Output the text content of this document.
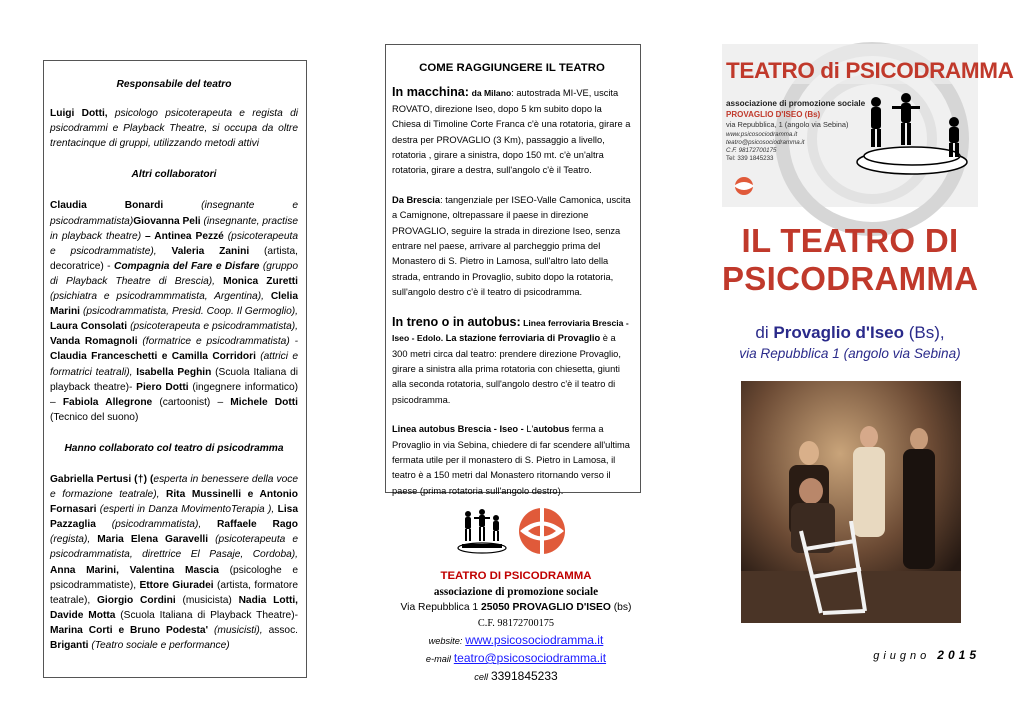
Responsabile del teatro

Luigi Dotti, psicologo psicoterapeuta e regista di psicodrammi e Playback Theatre, si occupa da oltre trentacinque di gruppi, utilizzando metodi attivi

Altri collaboratori

Claudia Bonardi (insegnante e psicodrammatista)Giovanna Peli (insegnante, practise in playback theatre) – Antinea Pezzé (psicoterapeuta e psicodrammatiste), Valeria Zanini (artista, decoratrice) - Compagnia del Fare e Disfare (gruppo di Playback Theatre di Brescia), Monica Zuretti (psichiatra e psicodrammmatista, Argentina), Clelia Marini (psicodrammatista, Presid. Coop. Il Germoglio), Laura Consolati (psicoterapeuta e psicodrammatista), Vanda Romagnoli (formatrice e psicodrammatista) - Claudia Franceschetti e Camilla Corridori (attrici e formatrici teatrali), Isabella Peghin (Scuola Italiana di playback theatre)- Piero Dotti (ingegnere informatico) – Fabiola Allegrone (cartoonist) – Michele Dotti (Tecnico del suono)

Hanno collaborato col teatro di psicodramma

Gabriella Pertusi (†) (esperta in benessere della voce e formazione teatrale), Rita Mussinelli e Antonio Fornasari (esperti in Danza MovimentoTerapia ), Lisa Pazzaglia (psicodrammatista), Raffaele Rago (regista), Maria Elena Garavelli (psicoterapeuta e psicodrammatista, direttrice El Pasaje, Cordoba), Anna Marini, Valentina Mascia (psicologhe e psicodrammatiste), Ettore Giuradei (artista, formatore teatrale), Giorgio Cordini (musicista) Nadia Lotti, Davide Motta (Scuola Italiana di Playback Theatre)- Marina Corti e Bruno Podesta' (musicisti), assoc. Briganti (Teatro sociale e performance)

COME RAGGIUNGERE IL TEATRO
In macchina: da Milano: autostrada MI-VE, uscita ROVATO, direzione Iseo, dopo 5 km subito dopo la Chiesa di Timoline Corte Franca c'è una rotatoria, girare a destra per PROVAGLIO (3 Km), passaggio a livello, rotatoria , girare a sinistra, dopo 150 mt. c'è un'altra rotatoria, girare a destra, sull'angolo c'è il Teatro.
Da Brescia: tangenziale per ISEO-Valle Camonica, uscita a Camignone, oltrepassare il paese in direzione PROVAGLIO, seguire la strada in direzione Iseo, senza entrare nel paese, arrivare al parcheggio prima del Monastero di S. Pietro in Lamosa, sull'altro lato della strada, entrando in Provaglio, subito dopo la rotatoria, sull'angolo destro c'è il teatro di psicodramma.
In treno o in autobus: Linea ferroviaria Brescia - Iseo - Edolo. La stazione ferroviaria di Provaglio è a 300 metri circa dal teatro: prendere direzione Provaglio, girare a sinistra alla prima rotatoria con chiesetta, giunti alla seconda rotatoria, sull'angolo destro c'è il teatro di psicodramma.
Linea autobus Brescia - Iseo - L'autobus ferma a Provaglio in via Sebina, chiedere di far scendere all'ultima fermata utile per il monastero di S. Pietro in Lamosa, il teatro è a 150 metri dal Monastero ritornando verso il paese (prima rotatoria sull'angolo destro).
TEATRO DI PSICODRAMMA
associazione di promozione sociale
Via Repubblica 1 25050 PROVAGLIO D'ISEO (bs)
C.F. 98172700175
website: www.psicosociodramma.it
e-mail teatro@psicosociodramma.it
cell 3391845233
TEATRO di PSICODRAMMA
associazione di promozione sociale
PROVAGLIO D'ISEO (Bs)
via Repubblica, 1 (angolo via Sebina)
www.psicosociodramma.it
teatro@psicosociodramma.it
C.F. 98172700175
Tel: 339 1845233
IL TEATRO DI
PSICODRAMMA
di Provaglio d'Iseo (Bs),
via Repubblica 1 (angolo via Sebina)
giugno 2015
